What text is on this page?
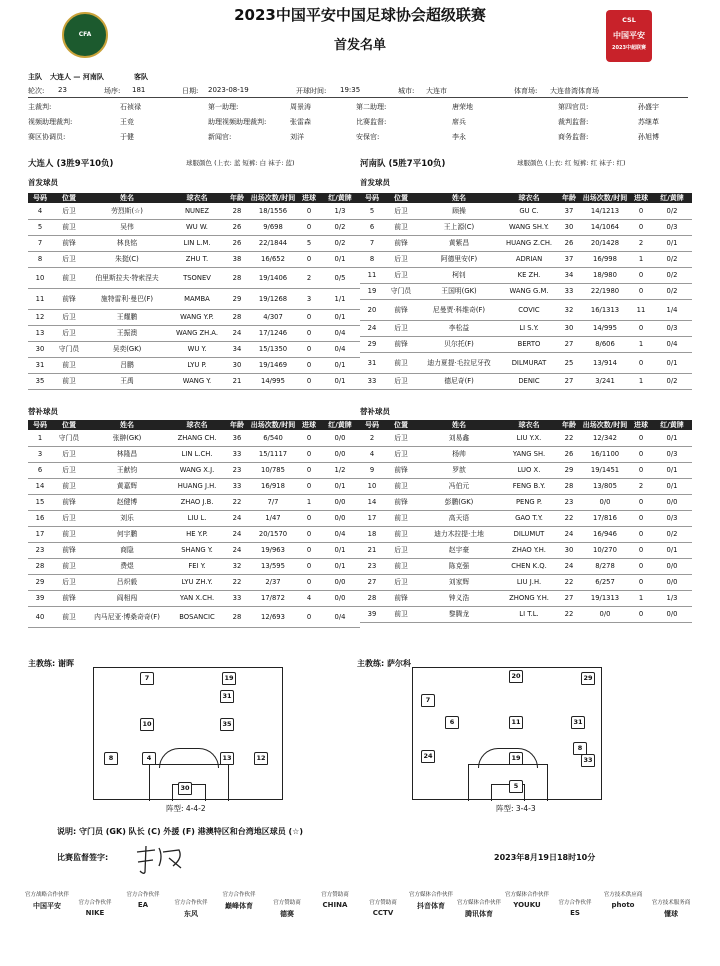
CFA
2023中国平安中国足球协会超级联赛
首发名单
CSL
中国平安
2023中超联赛
主队 大连人 — 河南队	客队
轮次: 23	场序: 181	日期: 2023-08-19	开球时间: 19:35	城市: 大连市	体育场: 大连普湾体育场
主裁判:	石祯禄	第一助理:	周景涛	第二助理:	唐荣地	第四官员:	孙盛宇
视频助理裁判:	王竞	助理视频助理裁判:	张雷森	比赛监督:	席兵	裁判监督:	苏继革
赛区协调员:	于健	新闻官:	刘洋	安保官:	李永	商务监督:	孙旭博
大连人 (3胜9平10负)	球服颜色 (上衣: 蓝 短裤: 白 袜子: 蓝)	河南队 (5胜7平10负)	球服颜色 (上衣: 红 短裤: 红 袜子: 红)
首发球员	首发球员
号码	位置	姓名	球衣名	年龄	出场次数/时间	进球	红/黄牌
4	后卫	劳烈斯(☆)	NUNEZ	28	18/1556	0	1/3
5	前卫	吴伟	WU W.	26	9/698	0	0/2
7	前锋	林良铭	LIN L.M.	26	22/1844	5	0/2
8	后卫	朱挺(C)	ZHU T.	38	16/652	0	0/1
10	前卫	伯里斯拉夫·特索涅夫	TSONEV	28	19/1406	2	0/5
11	前锋	施特雷利·曼巴(F)	MAMBA	29	19/1268	3	1/1
12	后卫	王耀鹏	WANG Y.P.	28	4/307	0	0/1
13	后卫	王振澳	WANG ZH.A.	24	17/1246	0	0/4
30	守门员	吴奕(GK)	WU Y.	34	15/1350	0	0/4
31	前卫	吕鹏	LYU P.	30	19/1469	0	0/1
35	前卫	王禹	WANG Y.	21	14/995	0	0/1
号码	位置	姓名	球衣名	年龄	出场次数/时间	进球	红/黄牌
5	后卫	顾操	GU C.	37	14/1213	0	0/2
6	前卫	王上源(C)	WANG SH.Y.	30	14/1064	0	0/3
7	前锋	黄紫昌	HUANG Z.CH.	26	20/1428	2	0/1
8	后卫	阿德里安(F)	ADRIAN	37	16/998	1	0/2
11	后卫	柯钊	KE ZH.	34	18/980	0	0/2
19	守门员	王国明(GK)	WANG G.M.	33	22/1980	0	0/2
20	前锋	尼曼贾·科维奇(F)	COVIC	32	16/1313	11	1/4
24	后卫	李松益	LI S.Y.	30	14/995	0	0/3
29	前锋	贝尔托(F)	BERTO	27	8/606	1	0/4
31	前卫	迪力夏提·毛拉尼牙孜	DILMURAT	25	13/914	0	0/1
33	后卫	德尼奇(F)	DENIC	27	3/241	1	0/2
替补球员	替补球员
号码	位置	姓名	球衣名	年龄	出场次数/时间	进球	红/黄牌
1	守门员	张翀(GK)	ZHANG CH.	36	6/540	0	0/0
3	后卫	林隆昌	LIN L.CH.	33	15/1117	0	0/0
6	后卫	王献钧	WANG X.J.	23	10/785	0	1/2
14	前卫	黄嘉辉	HUANG J.H.	33	16/918	0	0/1
15	前锋	赵健博	ZHAO J.B.	22	7/7	1	0/0
16	后卫	刘乐	LIU L.	24	1/47	0	0/0
17	前卫	何宇鹏	HE Y.P.	24	20/1570	0	0/4
23	前锋	商隐	SHANG Y.	24	19/963	0	0/1
28	前卫	费煜	FEI Y.	32	13/595	0	0/1
29	后卫	吕炽毅	LYU ZH.Y.	22	2/37	0	0/0
39	前锋	阎相闯	YAN X.CH.	33	17/872	4	0/0
40	前卫	内马尼亚·博桑奇奇(F)	BOSANCIC	28	12/693	0	0/4
号码	位置	姓名	球衣名	年龄	出场次数/时间	进球	红/黄牌
2	后卫	刘易鑫	LIU Y.X.	22	12/342	0	0/1
4	后卫	杨帅	YANG SH.	26	16/1100	0	0/3
9	前锋	罗歆	LUO X.	29	19/1451	0	0/1
10	前卫	冯伯元	FENG B.Y.	28	13/805	2	0/1
14	前锋	彭鹏(GK)	PENG P.	23	0/0	0	0/0
17	前卫	高天语	GAO T.Y.	22	17/816	0	0/3
18	前卫	迪力木拉提·土地	DILUMUT	24	16/946	0	0/2
21	后卫	赵宇豪	ZHAO Y.H.	30	10/270	0	0/1
23	前卫	陈克强	CHEN K.Q.	24	8/278	0	0/0
27	后卫	刘家辉	LIU J.H.	22	6/257	0	0/0
28	前锋	钟义浩	ZHONG Y.H.	27	19/1313	1	1/3
39	前卫	黎腾龙	LI T.L.	22	0/0	0	0/0
主教练: 谢晖	主教练: 萨尔科
7	19
31
10	35
8	4	13	12
30
20	29
7
6	11	31
24	19
8
33
5
阵型: 4-4-2	阵型: 3-4-3
说明: 守门员 (GK) 队长 (C) 外援 (F) 港澳特区和台湾地区球员 (☆)
比赛监督签字:	2023年8月19日18时10分
官方战略合作伙伴
中国平安	官方合作伙伴
NIKE
官方合作伙伴
EA	官方合作伙伴
东风
官方合作伙伴
巅峰体育	官方赞助商
德赛
官方赞助商
CHINA	官方赞助商
CCTV
官方媒体合作伙伴
抖音体育	官方媒体合作伙伴
腾讯体育
官方媒体合作伙伴
YOUKU	官方合作伙伴
ES
官方技术供应商
photo	官方技术服务商
懂球
